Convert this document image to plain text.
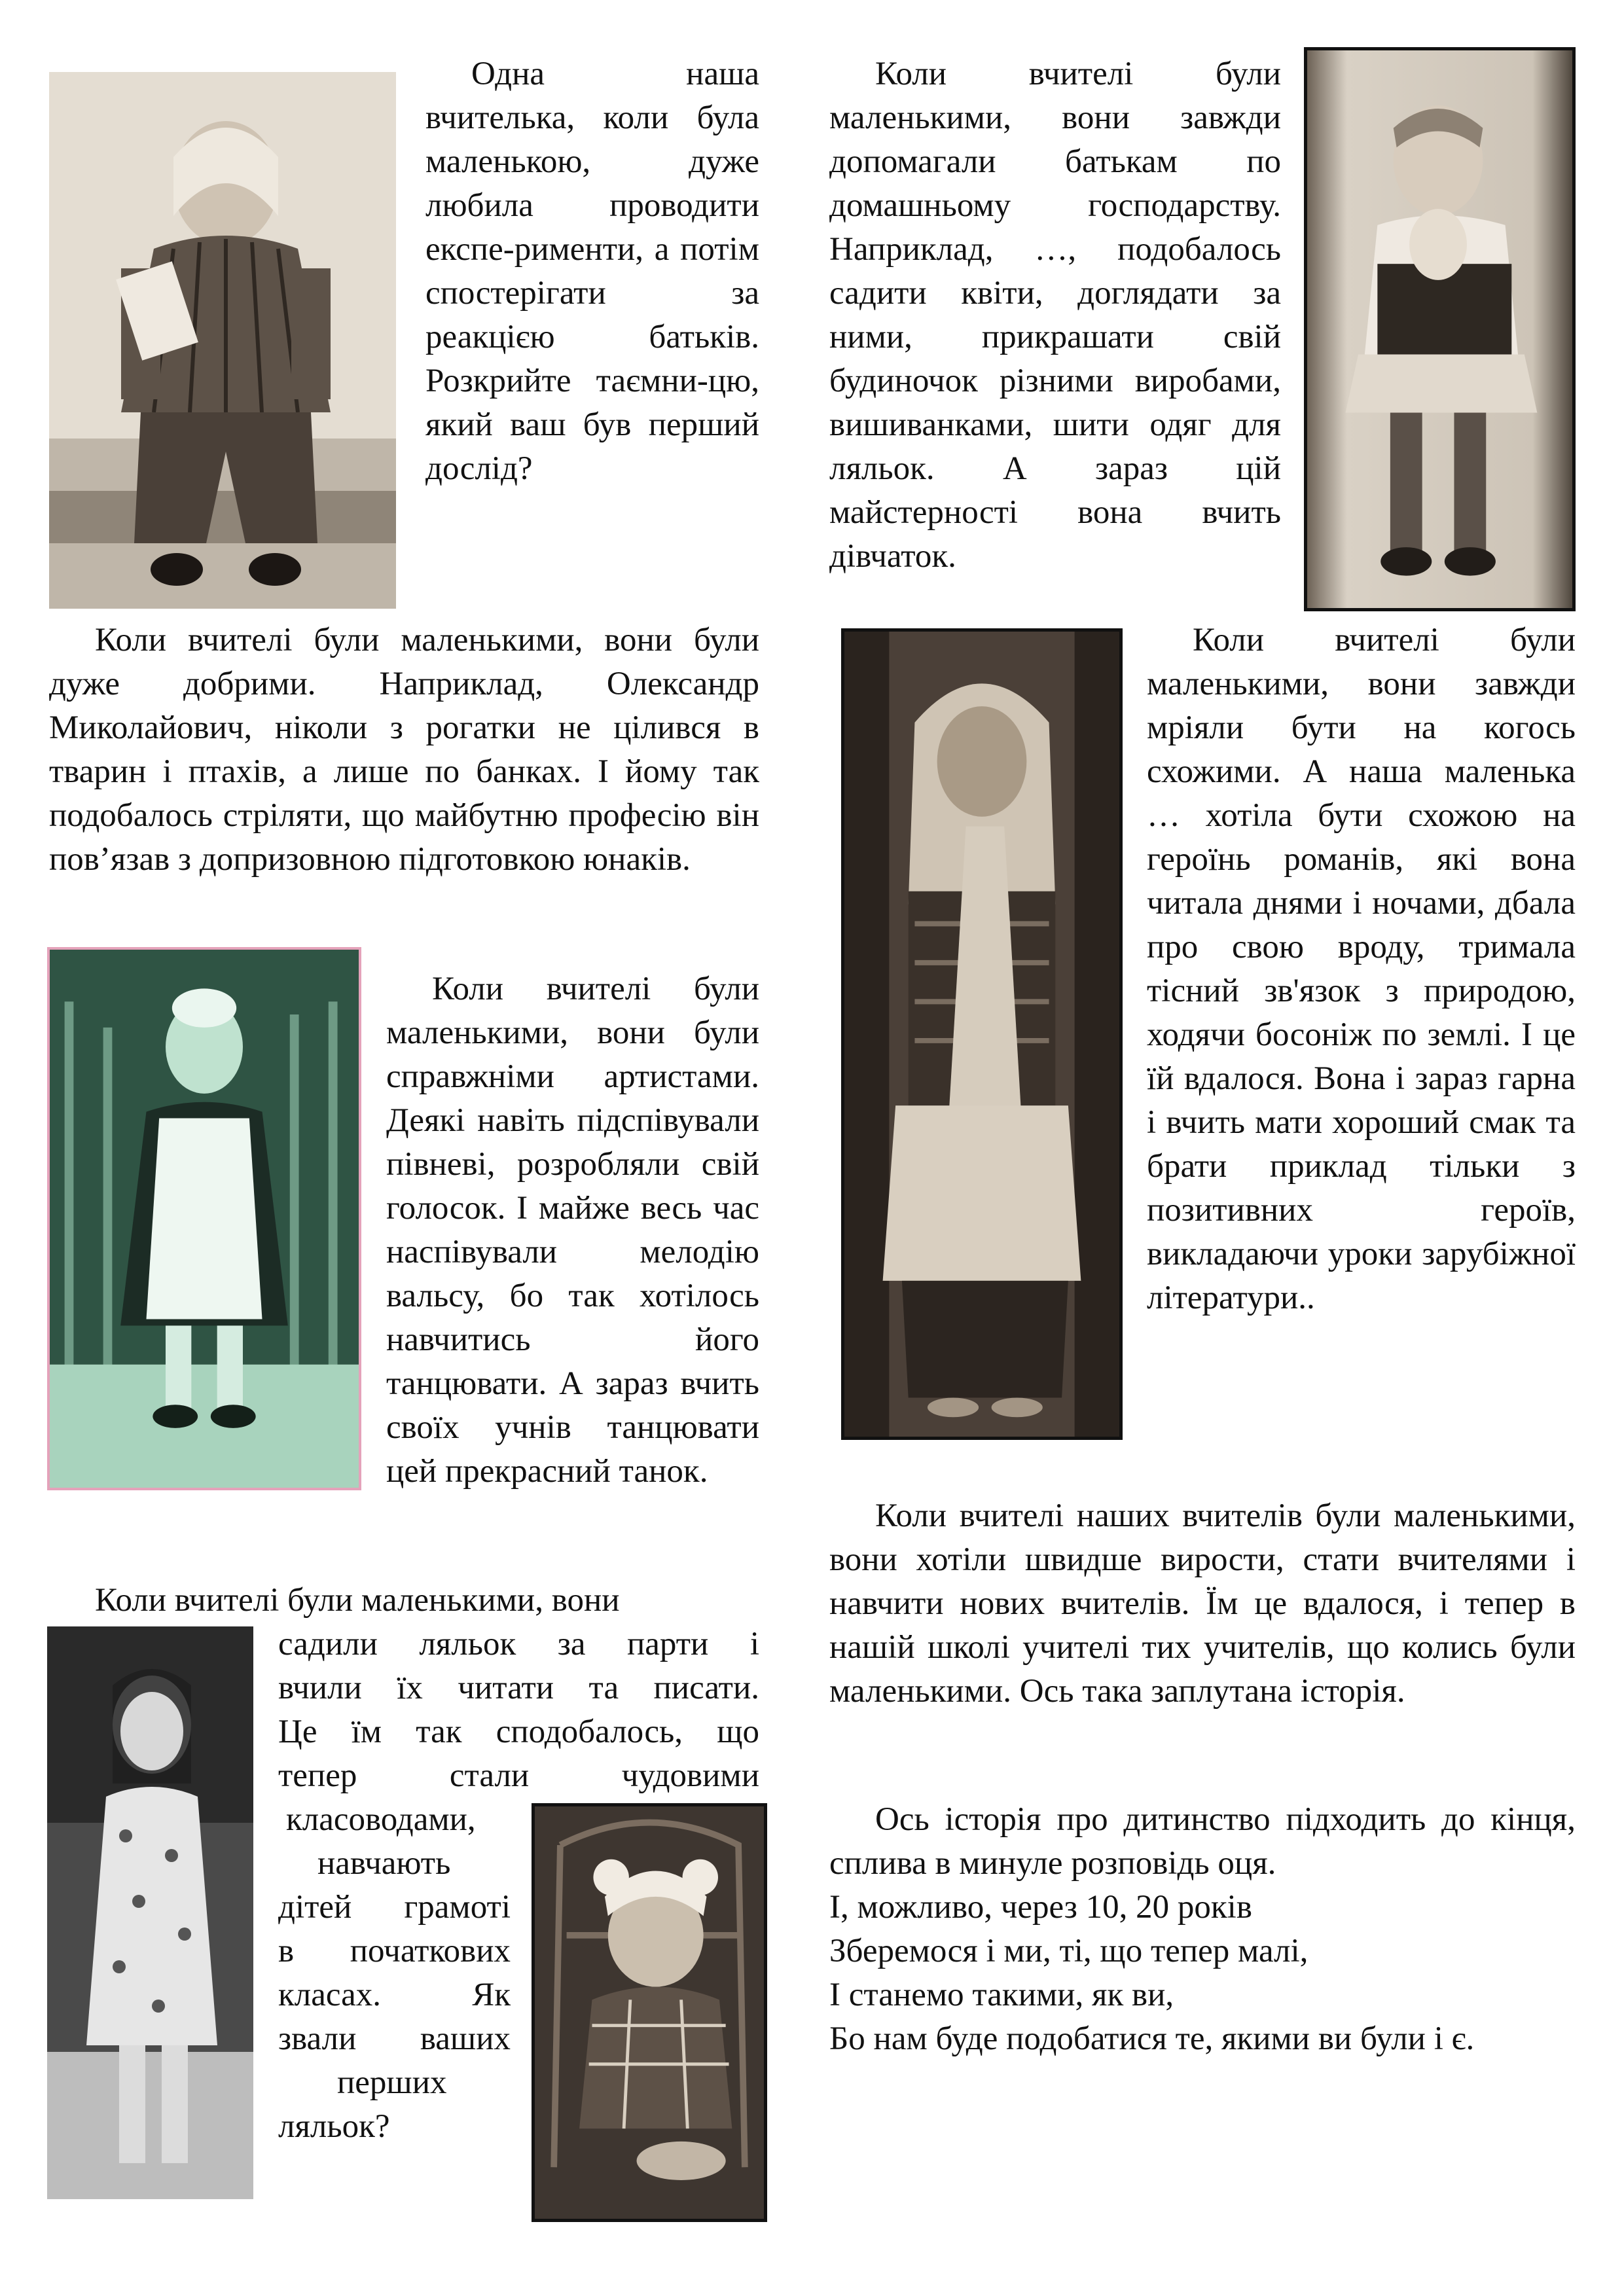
Одна наша вчителька, коли була маленькою, дуже любила проводити експе-рименти, а потім спостерігати за реакцією батьків. Розкрийте таємни-цю, який ваш був перший дослід?

Коли вчителі були маленькими, вони завжди допомагали батькам по домашньому господарству. Наприклад, …, подобалось садити квіти, доглядати за ними, прикрашати свій будиночок різними виробами, вишиванками, шити одяг для ляльок. А зараз цій майстерності вона вчить дівчаток.

Коли вчителі були маленькими, вони були дуже добрими. Наприклад, Олександр Миколайович, ніколи з рогатки не цілився в тварин і птахів, а лише по банках. І йому так подобалось стріляти, що майбутню професію він пов’язав з допризовною підготовкою юнаків.

Коли вчителі були маленькими, вони завжди мріяли бути на когось схожими. А наша маленька … хотіла бути схожою на героїнь романів, які вона читала днями і ночами, дбала про свою вроду, тримала тісний зв'язок з природою, ходячи босоніж по землі. І це їй вдалося. Вона і зараз гарна і вчить мати хороший смак та брати приклад тільки з позитивних героїв, викладаючи уроки зарубіжної літератури..

Коли вчителі були маленькими, вони були справжніми артистами. Деякі навіть підспівували півневі, розробляли свій голосок. І майже весь час наспівували мелодію вальсу, бо так хотілось навчитись його танцювати. А зараз вчить своїх учнів танцювати цей прекрасний танок.

Коли вчителі наших вчителів були маленькими, вони хотіли швидше вирости, стати вчителями і навчити нових вчителів. Їм це вдалося, і тепер в нашій школі учителі тих учителів, що колись були маленькими. Ось така заплутана історія.

Коли вчителі були маленькими, вони

садили ляльок за парти і
вчили їх читати та писати.
Це їм так сподобалось, що
тепер стали чудовими
класоводами,
навчають
дітей грамоті
в початкових
класах. Як
звали ваших
перших
ляльок?

Ось історія про дитинство підходить до кінця, сплива в минуле розповідь оця.

І, можливо, через 10, 20 років
Зберемося і ми, ті, що тепер малі,
І станемо такими, як ви,
Бо нам буде подобатися те, якими ви були і є.
